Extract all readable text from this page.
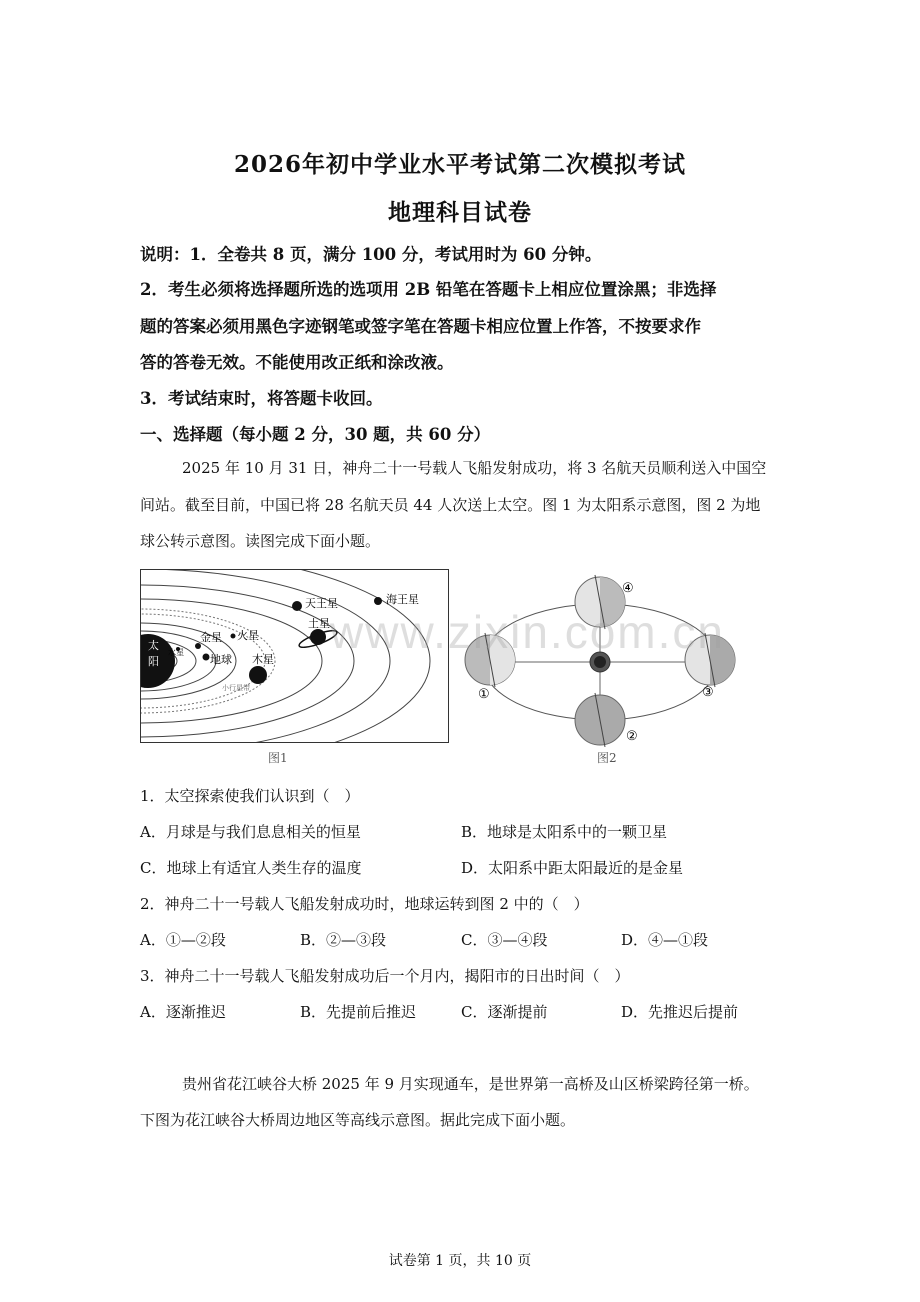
2026年初中学业水平考试第二次模拟考试
地理科目试卷
说明：1．全卷共 8 页，满分 100 分，考试用时为 60 分钟。
2．考生必须将选择题所选的选项用 2B 铅笔在答题卡上相应位置涂黑；非选择
题的答案必须用黑色字迹钢笔或签字笔在答题卡相应位置上作答，不按要求作
答的答卷无效。不能使用改正纸和涂改液。
3．考试结束时，将答题卡收回。
一、选择题（每小题 2 分，30 题，共 60 分）
2025 年 10 月 31 日，神舟二十一号载人飞船发射成功，将 3 名航天员顺利送入中国空
间站。截至目前，中国已将 28 名航天员 44 人次送上太空。图 1 为太阳系示意图，图 2 为地
球公转示意图。读图完成下面小题。
太
阳
水星
金星
地球
火星
小行星带
木星
土星
天王星	海王星
图1
④
①	③
②
图2
www.zixin.com.cn
1．太空探索使我们认识到（　）
A．月球是与我们息息相关的恒星	B．地球是太阳系中的一颗卫星
C．地球上有适宜人类生存的温度	D．太阳系中距太阳最近的是金星
2．神舟二十一号载人飞船发射成功时，地球运转到图 2 中的（　）
A．①—②段	B．②—③段	C．③—④段	D．④—①段
3．神舟二十一号载人飞船发射成功后一个月内，揭阳市的日出时间（　）
A．逐渐推迟	B．先提前后推迟	C．逐渐提前	D．先推迟后提前
贵州省花江峡谷大桥 2025 年 9 月实现通车，是世界第一高桥及山区桥梁跨径第一桥。
下图为花江峡谷大桥周边地区等高线示意图。据此完成下面小题。
试卷第 1 页，共 10 页
